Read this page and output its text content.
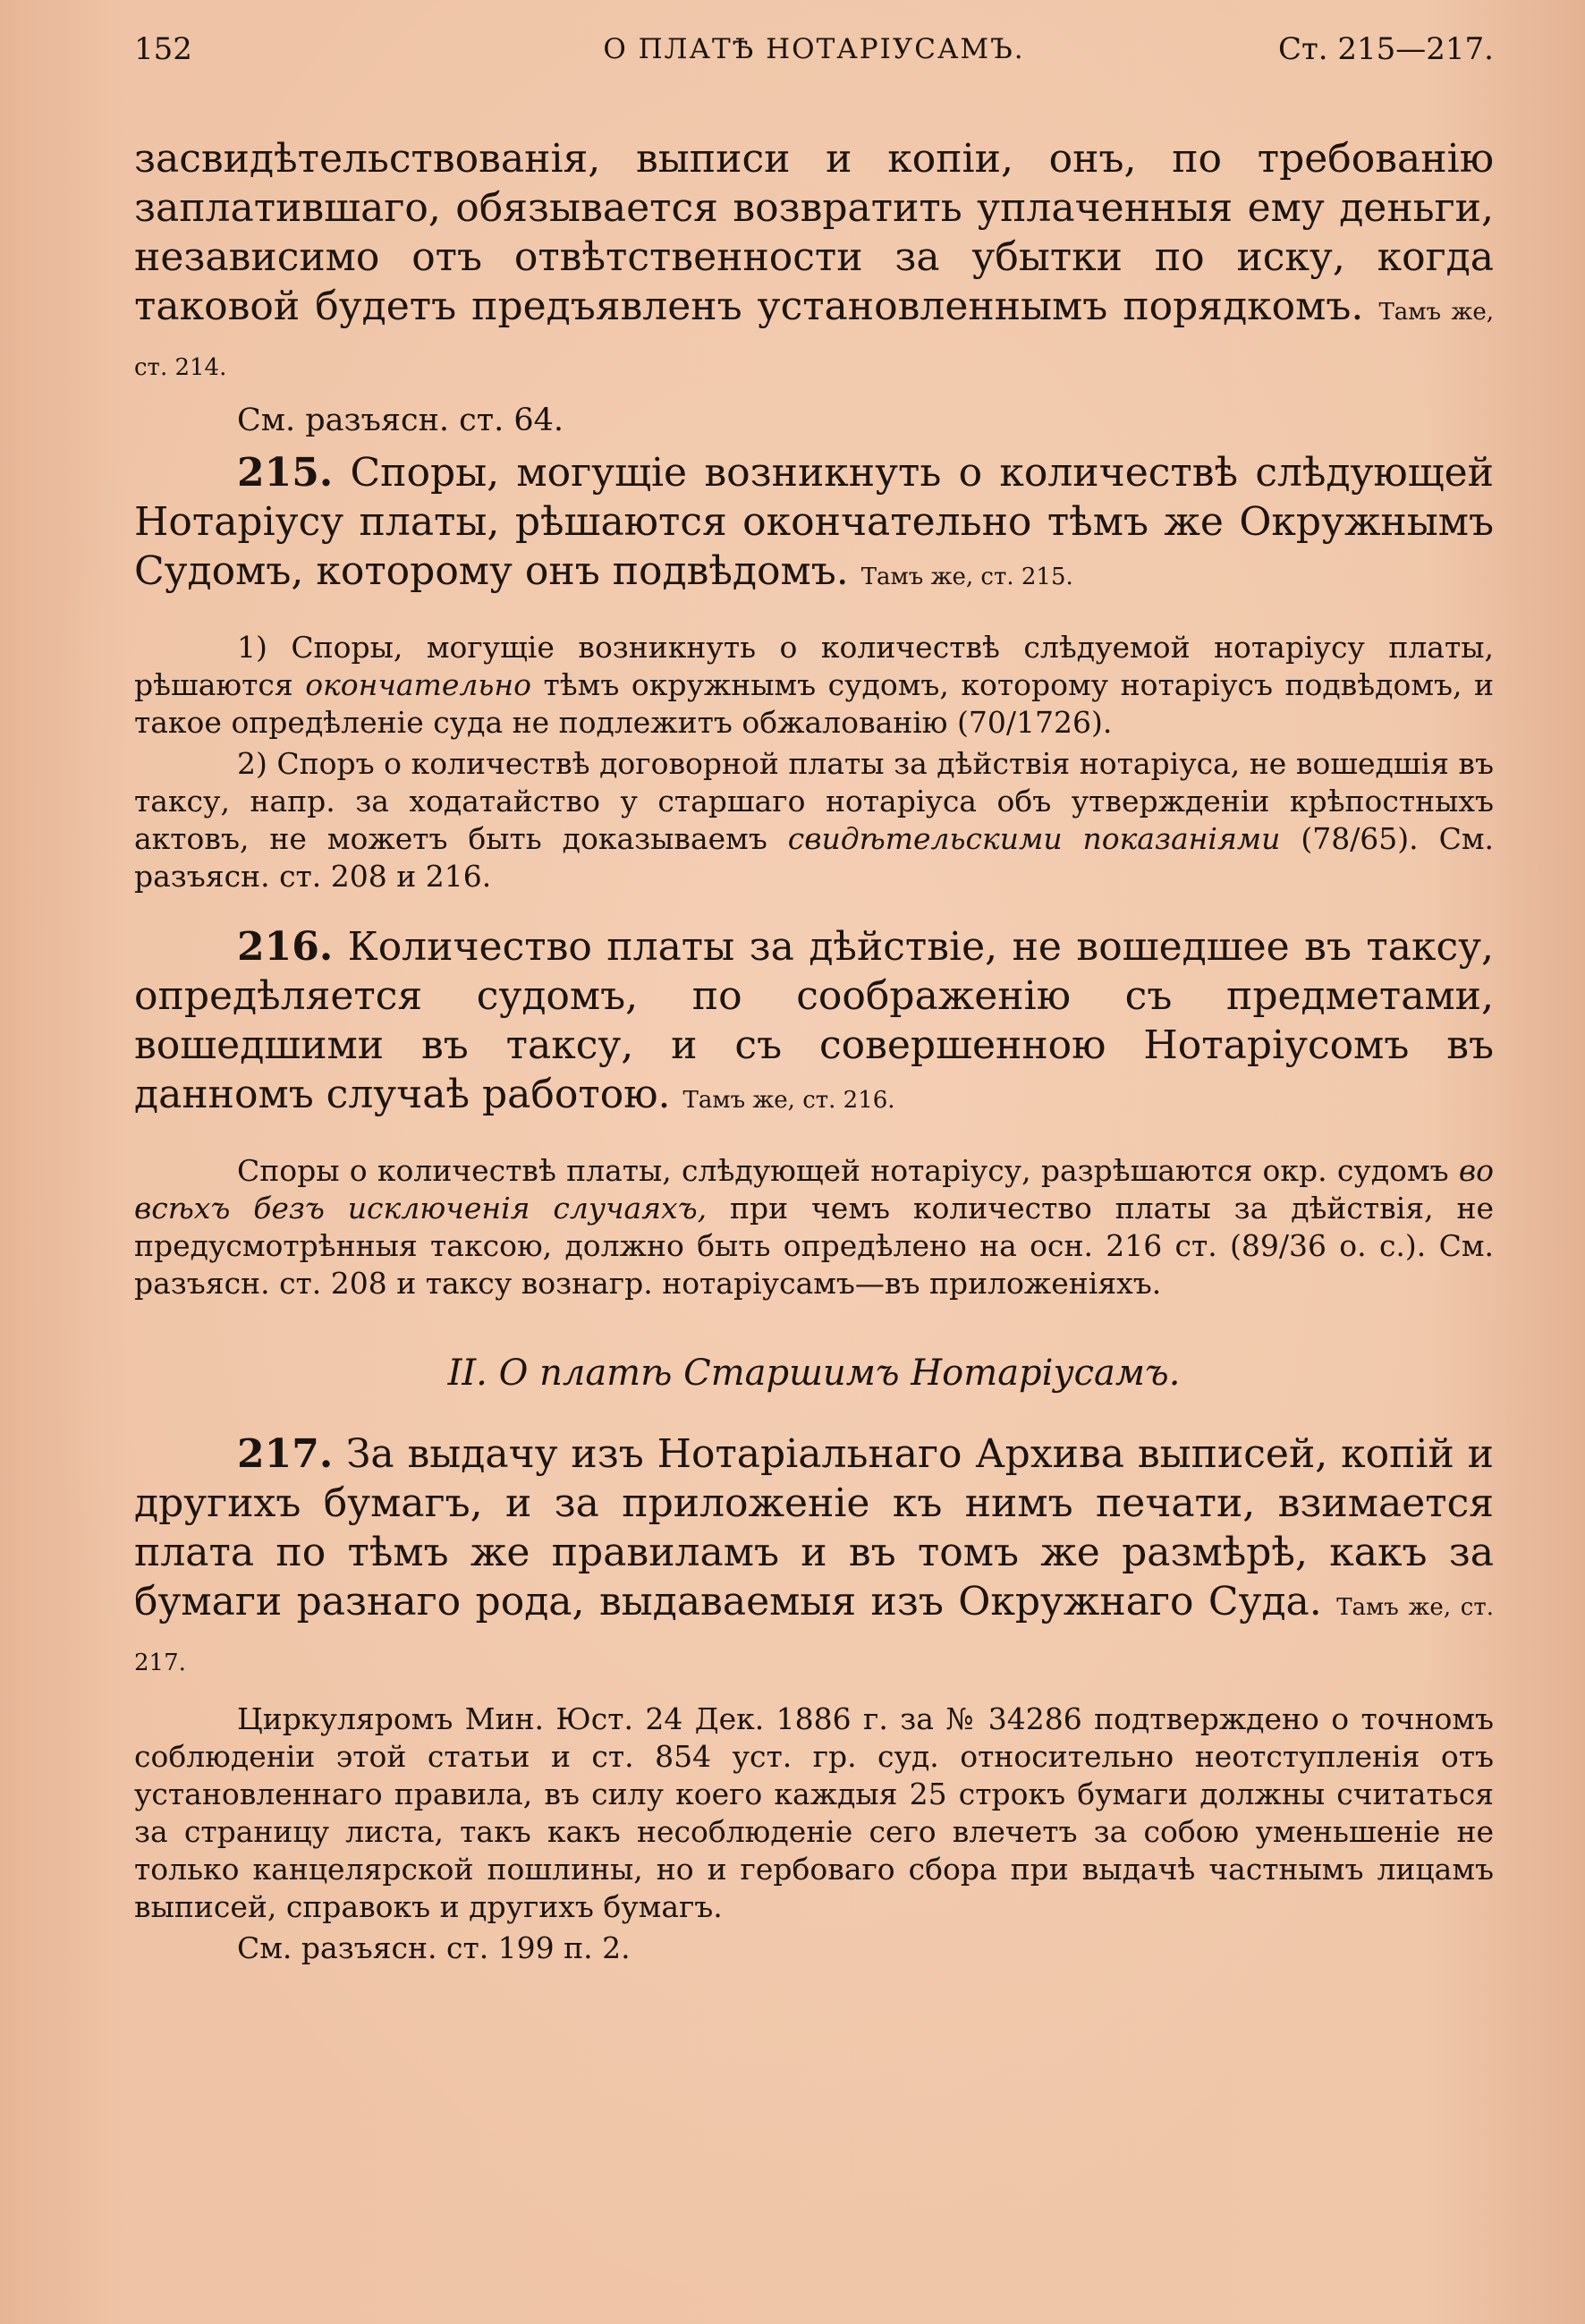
152	О ПЛАТѢ НОТАРІУСАМЪ.	Ст. 215—217.

засвидѣтельствованія, выписи и копіи, онъ, по требованію заплатившаго, обязывается возвратить уплаченныя ему деньги, независимо отъ отвѣтственности за убытки по иску, когда таковой будетъ предъявленъ установленнымъ порядкомъ. Тамъ же, ст. 214.

См. разъясн. ст. 64.

215. Споры, могущіе возникнуть о количествѣ слѣдующей Нотаріусу платы, рѣшаются окончательно тѣмъ же Окружнымъ Судомъ, которому онъ подвѣдомъ. Тамъ же, ст. 215.

1) Споры, могущіе возникнуть о количествѣ слѣдуемой нотаріусу платы, рѣшаются окончательно тѣмъ окружнымъ судомъ, которому нотаріусъ подвѣдомъ, и такое опредѣленіе суда не подлежитъ обжалованію (70/1726).

2) Споръ о количествѣ договорной платы за дѣйствія нотаріуса, не вошедшія въ таксу, напр. за ходатайство у старшаго нотаріуса объ утвержденіи крѣпостныхъ актовъ, не можетъ быть доказываемъ свидѣтельскими показаніями (78/65). См. разъясн. ст. 208 и 216.

216. Количество платы за дѣйствіе, не вошедшее въ таксу, опредѣляется судомъ, по соображенію съ предметами, вошедшими въ таксу, и съ совершенною Нотаріусомъ въ данномъ случаѣ работою. Тамъ же, ст. 216.

Споры о количествѣ платы, слѣдующей нотаріусу, разрѣшаются окр. судомъ во всѣхъ безъ исключенія случаяхъ, при чемъ количество платы за дѣйствія, не предусмотрѣнныя таксою, должно быть опредѣлено на осн. 216 ст. (89/36 о. с.). См. разъясн. ст. 208 и таксу вознагр. нотаріусамъ—въ приложеніяхъ.

II. О платѣ Старшимъ Нотаріусамъ.

217. За выдачу изъ Нотаріальнаго Архива выписей, копій и другихъ бумагъ, и за приложеніе къ нимъ печати, взимается плата по тѣмъ же правиламъ и въ томъ же размѣрѣ, какъ за бумаги разнаго рода, выдаваемыя изъ Окружнаго Суда. Тамъ же, ст. 217.

Циркуляромъ Мин. Юст. 24 Дек. 1886 г. за № 34286 подтверждено о точномъ соблюденіи этой статьи и ст. 854 уст. гр. суд. относительно неотступленія отъ установленнаго правила, въ силу коего каждыя 25 строкъ бумаги должны считаться за страницу листа, такъ какъ несоблюденіе сего влечетъ за собою уменьшеніе не только канцелярской пошлины, но и гербоваго сбора при выдачѣ частнымъ лицамъ выписей, справокъ и другихъ бумагъ.

См. разъясн. ст. 199 п. 2.
